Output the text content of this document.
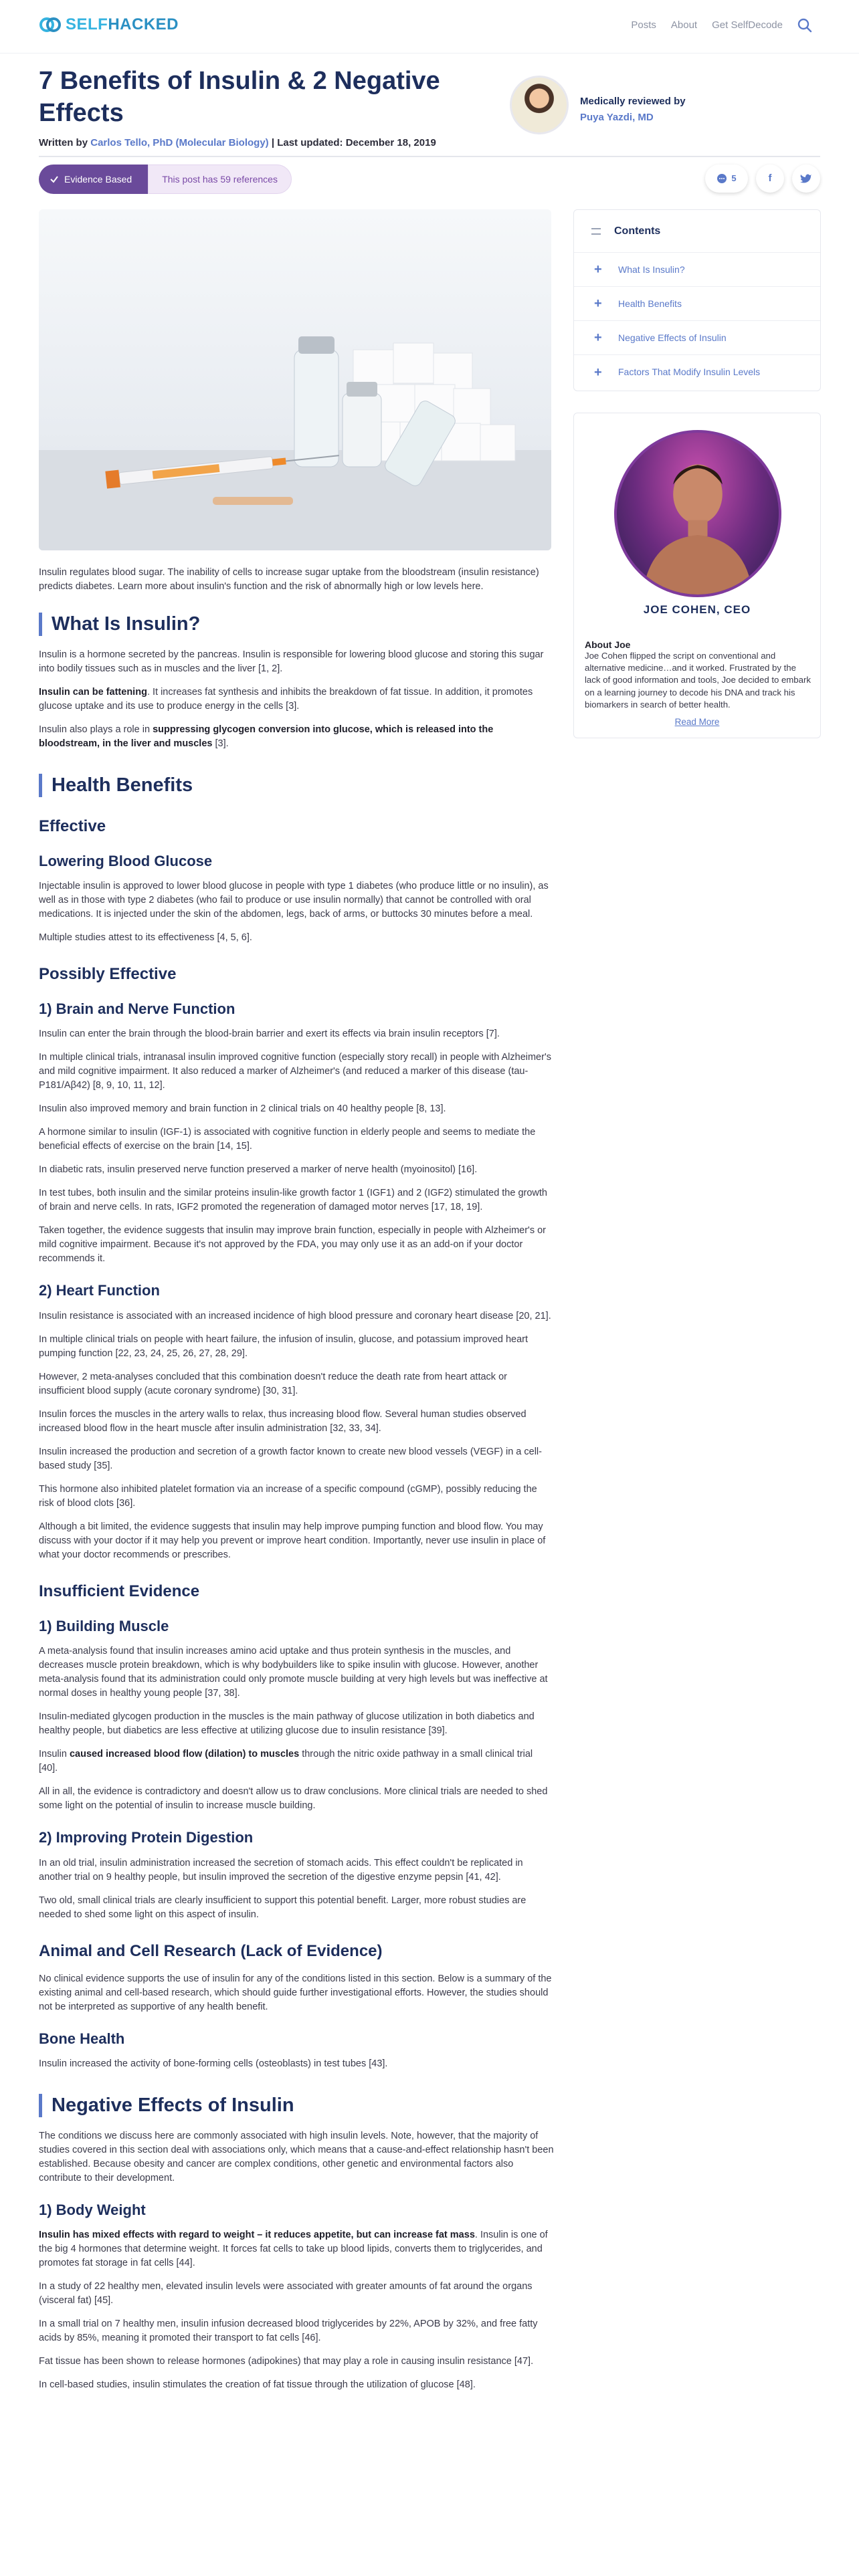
SELFHACKED	Posts About Get SelfDecode
7 Benefits of Insulin & 2 Negative Effects
Written by Carlos Tello, PhD (Molecular Biology) | Last updated: December 18, 2019
Medically reviewed by
Puya Yazdi, MD
Evidence Based	This post has 59 references	5	f
Contents
+ What Is Insulin?
+ Health Benefits
+ Negative Effects of Insulin
+ Factors That Modify Insulin Levels
JOE COHEN, CEO
About Joe
Joe Cohen flipped the script on conventional and alternative medicine…and it worked. Frustrated by the lack of good information and tools, Joe decided to embark on a learning journey to decode his DNA and track his biomarkers in search of better health.
Read More

Insulin regulates blood sugar. The inability of cells to increase sugar uptake from the bloodstream (insulin resistance) predicts diabetes. Learn more about insulin's function and the risk of abnormally high or low levels here.

What Is Insulin?

Insulin is a hormone secreted by the pancreas. Insulin is responsible for lowering blood glucose and storing this sugar into bodily tissues such as in muscles and the liver [1, 2].

Insulin can be fattening. It increases fat synthesis and inhibits the breakdown of fat tissue. In addition, it promotes glucose uptake and its use to produce energy in the cells [3].

Insulin also plays a role in suppressing glycogen conversion into glucose, which is released into the bloodstream, in the liver and muscles [3].

Health Benefits
Effective
Lowering Blood Glucose

Injectable insulin is approved to lower blood glucose in people with type 1 diabetes (who produce little or no insulin), as well as in those with type 2 diabetes (who fail to produce or use insulin normally) that cannot be controlled with oral medications. It is injected under the skin of the abdomen, legs, back of arms, or buttocks 30 minutes before a meal.

Multiple studies attest to its effectiveness [4, 5, 6].

Possibly Effective
1) Brain and Nerve Function

Insulin can enter the brain through the blood-brain barrier and exert its effects via brain insulin receptors [7].

In multiple clinical trials, intranasal insulin improved cognitive function (especially story recall) in people with Alzheimer's and mild cognitive impairment. It also reduced a marker of Alzheimer's (and reduced a marker of this disease (tau-P181/Aβ42) [8, 9, 10, 11, 12].

Insulin also improved memory and brain function in 2 clinical trials on 40 healthy people [8, 13].

A hormone similar to insulin (IGF-1) is associated with cognitive function in elderly people and seems to mediate the beneficial effects of exercise on the brain [14, 15].

In diabetic rats, insulin preserved nerve function preserved a marker of nerve health (myoinositol) [16].

In test tubes, both insulin and the similar proteins insulin-like growth factor 1 (IGF1) and 2 (IGF2) stimulated the growth of brain and nerve cells. In rats, IGF2 promoted the regeneration of damaged motor nerves [17, 18, 19].

Taken together, the evidence suggests that insulin may improve brain function, especially in people with Alzheimer's or mild cognitive impairment. Because it's not approved by the FDA, you may only use it as an add-on if your doctor recommends it.

2) Heart Function

Insulin resistance is associated with an increased incidence of high blood pressure and coronary heart disease [20, 21].

In multiple clinical trials on people with heart failure, the infusion of insulin, glucose, and potassium improved heart pumping function [22, 23, 24, 25, 26, 27, 28, 29].

However, 2 meta-analyses concluded that this combination doesn't reduce the death rate from heart attack or insufficient blood supply (acute coronary syndrome) [30, 31].

Insulin forces the muscles in the artery walls to relax, thus increasing blood flow. Several human studies observed increased blood flow in the heart muscle after insulin administration [32, 33, 34].

Insulin increased the production and secretion of a growth factor known to create new blood vessels (VEGF) in a cell-based study [35].

This hormone also inhibited platelet formation via an increase of a specific compound (cGMP), possibly reducing the risk of blood clots [36].

Although a bit limited, the evidence suggests that insulin may help improve pumping function and blood flow. You may discuss with your doctor if it may help you prevent or improve heart condition. Importantly, never use insulin in place of what your doctor recommends or prescribes.

Insufficient Evidence
1) Building Muscle

A meta-analysis found that insulin increases amino acid uptake and thus protein synthesis in the muscles, and decreases muscle protein breakdown, which is why bodybuilders like to spike insulin with glucose. However, another meta-analysis found that its administration could only promote muscle building at very high levels but was ineffective at normal doses in healthy young people [37, 38].

Insulin-mediated glycogen production in the muscles is the main pathway of glucose utilization in both diabetics and healthy people, but diabetics are less effective at utilizing glucose due to insulin resistance [39].

Insulin caused increased blood flow (dilation) to muscles through the nitric oxide pathway in a small clinical trial [40].

All in all, the evidence is contradictory and doesn't allow us to draw conclusions. More clinical trials are needed to shed some light on the potential of insulin to increase muscle building.

2) Improving Protein Digestion

In an old trial, insulin administration increased the secretion of stomach acids. This effect couldn't be replicated in another trial on 9 healthy people, but insulin improved the secretion of the digestive enzyme pepsin [41, 42].

Two old, small clinical trials are clearly insufficient to support this potential benefit. Larger, more robust studies are needed to shed some light on this aspect of insulin.

Animal and Cell Research (Lack of Evidence)

No clinical evidence supports the use of insulin for any of the conditions listed in this section. Below is a summary of the existing animal and cell-based research, which should guide further investigational efforts. However, the studies should not be interpreted as supportive of any health benefit.

Bone Health

Insulin increased the activity of bone-forming cells (osteoblasts) in test tubes [43].

Negative Effects of Insulin

The conditions we discuss here are commonly associated with high insulin levels. Note, however, that the majority of studies covered in this section deal with associations only, which means that a cause-and-effect relationship hasn't been established. Because obesity and cancer are complex conditions, other genetic and environmental factors also contribute to their development.

1) Body Weight

Insulin has mixed effects with regard to weight – it reduces appetite, but can increase fat mass. Insulin is one of the big 4 hormones that determine weight. It forces fat cells to take up blood lipids, converts them to triglycerides, and promotes fat storage in fat cells [44].

In a study of 22 healthy men, elevated insulin levels were associated with greater amounts of fat around the organs (visceral fat) [45].

In a small trial on 7 healthy men, insulin infusion decreased blood triglycerides by 22%, APOB by 32%, and free fatty acids by 85%, meaning it promoted their transport to fat cells [46].

Fat tissue has been shown to release hormones (adipokines) that may play a role in causing insulin resistance [47].

In cell-based studies, insulin stimulates the creation of fat tissue through the utilization of glucose [48].
